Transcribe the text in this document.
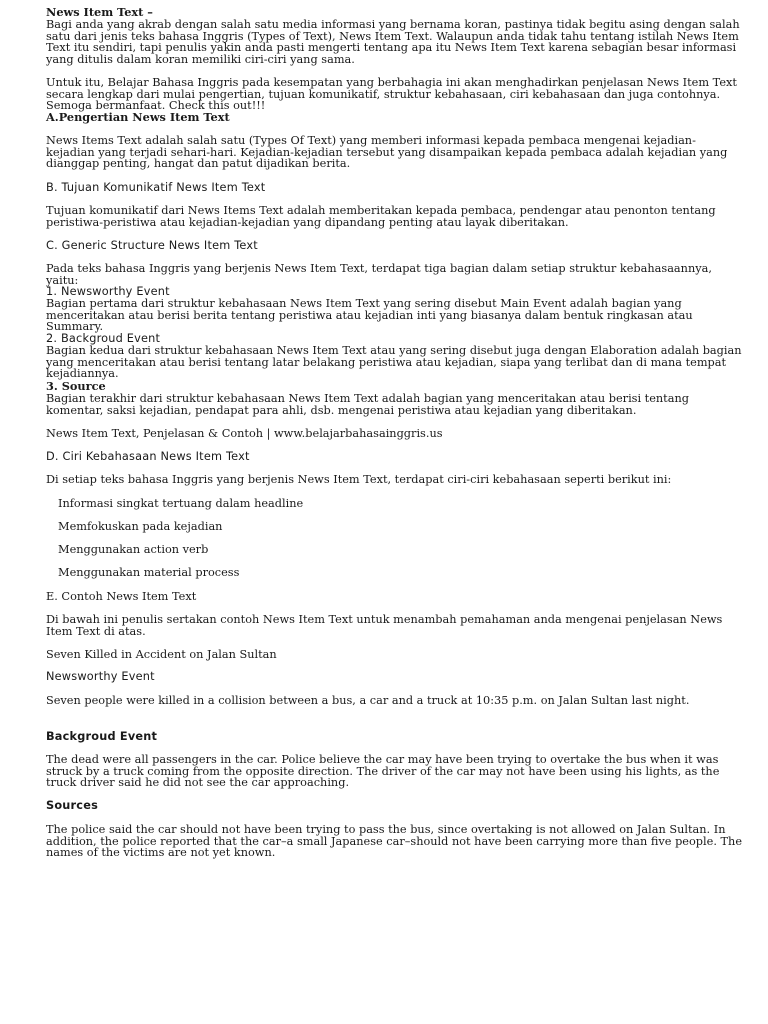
News Item Text –

Bagi anda yang akrab dengan salah satu media informasi yang bernama koran, pastinya tidak begitu asing dengan salah satu dari jenis teks bahasa Inggris (Types of Text), News Item Text. Walaupun anda tidak tahu tentang istilah News Item Text itu sendiri, tapi penulis yakin anda pasti mengerti tentang apa itu News Item Text karena sebagian besar informasi yang ditulis dalam koran memiliki ciri-ciri yang sama.

Untuk itu, Belajar Bahasa Inggris pada kesempatan yang berbahagia ini akan menghadirkan penjelasan News Item Text secara lengkap dari mulai pengertian, tujuan komunikatif, struktur kebahasaan, ciri kebahasaan dan juga contohnya. Semoga bermanfaat. Check this out!!!

A.Pengertian News Item Text

News Items Text adalah salah satu (Types Of Text) yang memberi informasi kepada pembaca mengenai kejadian-kejadian yang terjadi sehari-hari. Kejadian-kejadian tersebut yang disampaikan kepada pembaca adalah kejadian yang dianggap penting, hangat dan patut dijadikan berita.

B. Tujuan Komunikatif News Item Text

Tujuan komunikatif dari News Items Text adalah memberitakan kepada pembaca, pendengar atau penonton tentang peristiwa-peristiwa atau kejadian-kejadian yang dipandang penting atau layak diberitakan.

C. Generic Structure News Item Text

Pada teks bahasa Inggris yang berjenis News Item Text, terdapat tiga bagian dalam setiap struktur kebahasaannya, yaitu:

1. Newsworthy Event

Bagian pertama dari struktur kebahasaan News Item Text yang sering disebut Main Event adalah bagian yang menceritakan atau berisi berita tentang peristiwa atau kejadian inti yang biasanya dalam bentuk ringkasan atau Summary.

2. Backgroud Event

Bagian kedua dari struktur kebahasaan News Item Text atau yang sering disebut juga dengan Elaboration adalah bagian yang menceritakan atau berisi tentang latar belakang peristiwa atau kejadian, siapa yang terlibat dan di mana tempat kejadiannya.

3. Source

Bagian terakhir dari struktur kebahasaan News Item Text adalah bagian yang menceritakan atau berisi tentang komentar, saksi kejadian, pendapat para ahli, dsb. mengenai peristiwa atau kejadian yang diberitakan.

News Item Text, Penjelasan & Contoh | www.belajarbahasainggris.us
D. Ciri Kebahasaan News Item Text

Di setiap teks bahasa Inggris yang berjenis News Item Text, terdapat ciri-ciri kebahasaan seperti berikut ini:

Informasi singkat tertuang dalam headline
Memfokuskan pada kejadian
Menggunakan action verb
Menggunakan material process
E. Contoh News Item Text

Di bawah ini penulis sertakan contoh News Item Text untuk menambah pemahaman anda mengenai penjelasan News Item Text di atas.

Seven Killed in Accident on Jalan Sultan
Newsworthy Event

Seven people were killed in a collision between a bus, a car and a truck at 10:35 p.m. on Jalan Sultan last night.

Backgroud Event

The dead were all passengers in the car. Police believe the car may have been trying to overtake the bus when it was struck by a truck coming from the opposite direction. The driver of the car may not have been using his lights, as the truck driver said he did not see the car approaching.

Sources

The police said the car should not have been trying to pass the bus, since overtaking is not allowed on Jalan Sultan. In addition, the police reported that the car–a small Japanese car–should not have been carrying more than five people. The names of the victims are not yet known.
